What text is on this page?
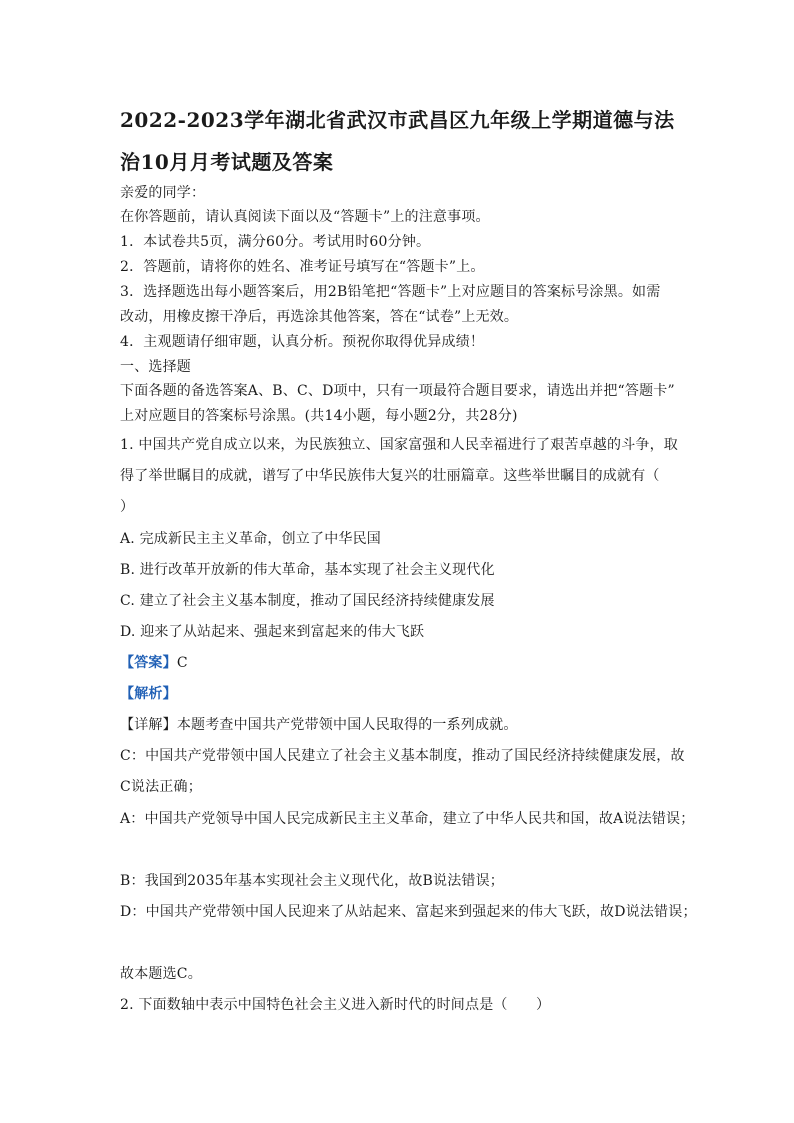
2022-2023学年湖北省武汉市武昌区九年级上学期道德与法
治10月月考试题及答案
亲爱的同学：
在你答题前，请认真阅读下面以及“答题卡”上的注意事项。
1．本试卷共5页，满分60分。考试用时60分钟。
2．答题前，请将你的姓名、准考证号填写在“答题卡”上。
3．选择题选出每小题答案后，用2B铅笔把“答题卡”上对应题目的答案标号涂黑。如需
改动，用橡皮擦干净后，再选涂其他答案，答在“试卷”上无效。
4．主观题请仔细审题，认真分析。预祝你取得优异成绩！
一、选择题
下面各题的备选答案A、B、C、D项中，只有一项最符合题目要求，请选出并把“答题卡”
上对应题目的答案标号涂黑。(共14小题，每小题2分，共28分)
1. 中国共产党自成立以来，为民族独立、国家富强和人民幸福进行了艰苦卓越的斗争，取
得了举世瞩目的成就，谱写了中华民族伟大复兴的壮丽篇章。这些举世瞩目的成就有（
）
A. 完成新民主主义革命，创立了中华民国
B. 进行改革开放新的伟大革命，基本实现了社会主义现代化
C. 建立了社会主义基本制度，推动了国民经济持续健康发展
D. 迎来了从站起来、强起来到富起来的伟大飞跃
【答案】C
【解析】
【详解】本题考查中国共产党带领中国人民取得的一系列成就。
C：中国共产党带领中国人民建立了社会主义基本制度，推动了国民经济持续健康发展，故
C说法正确；
A：中国共产党领导中国人民完成新民主主义革命，建立了中华人民共和国，故A说法错误；
B：我国到2035年基本实现社会主义现代化，故B说法错误；
D：中国共产党带领中国人民迎来了从站起来、富起来到强起来的伟大飞跃，故D说法错误；
故本题选C。
2. 下面数轴中表示中国特色社会主义进入新时代的时间点是（　　）
